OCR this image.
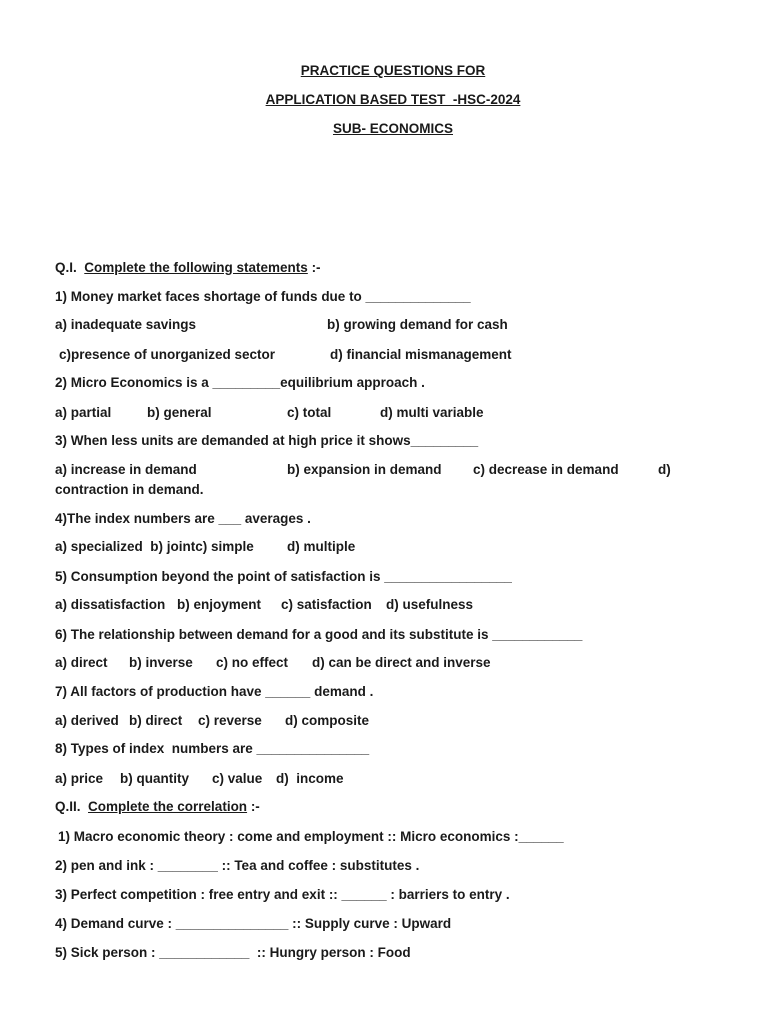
PRACTICE QUESTIONS FOR
APPLICATION BASED TEST  -HSC-2024
SUB- ECONOMICS
Q.I. Complete the following statements :-
1) Money market faces shortage of funds due to ______________
a) inadequate savings	b) growing demand for cash
c)presence of unorganized sector	d) financial mismanagement
2) Micro Economics is a _________equilibrium approach .
a) partial	b) general	c) total	d) multi variable
3) When less units are demanded at high price it shows_________
a) increase in demand	b) expansion in demand c) decrease in demand	d)
contraction in demand.
4)The index numbers are ___ averages .
a) specialized  b) jointc) simple d) multiple
5) Consumption beyond the point of satisfaction is _________________
a) dissatisfaction b) enjoyment c) satisfaction d) usefulness
6) The relationship between demand for a good and its substitute is ____________
a) direct b) inverse c) no effect d) can be direct and inverse
7) All factors of production have ______ demand .
a) derived b) direct c) reverse d) composite
8) Types of index  numbers are _______________
a) price b) quantity c) value d)  income
Q.II. Complete the correlation :-
1) Macro economic theory : come and employment :: Micro economics :______
2) pen and ink : ________ :: Tea and coffee : substitutes .
3) Perfect competition : free entry and exit :: ______ : barriers to entry .
4) Demand curve : _______________ :: Supply curve : Upward
5) Sick person : ____________  :: Hungry person : Food
